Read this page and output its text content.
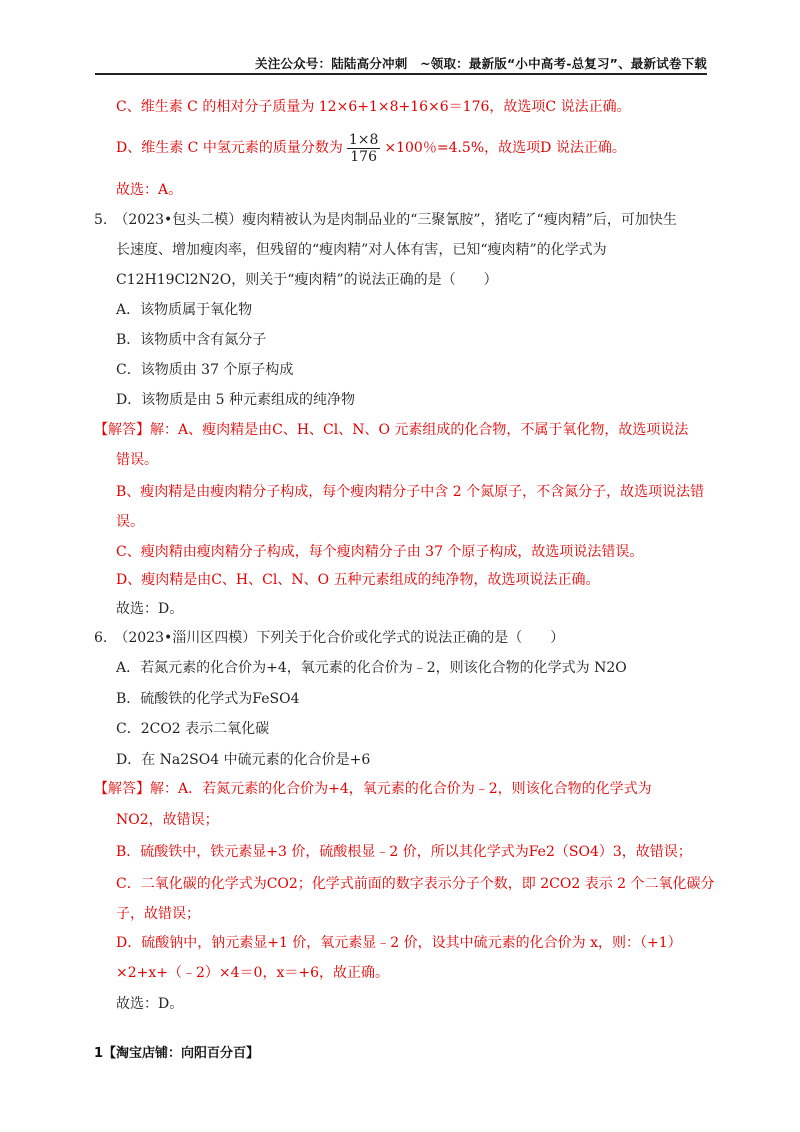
关注公众号：陆陆高分冲刺　~领取：最新版“小中高考-总复习”、最新试卷下载
C、维生素 C 的相对分子质量为 12×6+1×8+16×6＝176，故选项C 说法正确。
D、维生素 C 中氢元素的质量分数为 $\frac{1\times 8}{176} \times 100$％=4.5%，故选项D 说法正确。
故选：A。
5.　（2023•包头二模）瘦肉精被认为是肉制品业的“三聚氰胺”，猪吃了“瘦肉精”后，可加快生
长速度、增加瘦肉率，但残留的“瘦肉精”对人体有害，已知“瘦肉精”的化学式为
C12H19Cl2N2O，则关于“瘦肉精”的说法正确的是（　　）
A．该物质属于氧化物
B．该物质中含有氮分子
C．该物质由 37 个原子构成
D．该物质是由 5 种元素组成的纯净物
【解答】解：A、瘦肉精是由C、H、Cl、N、O 元素组成的化合物，不属于氧化物，故选项说法
错误。
B、瘦肉精是由瘦肉精分子构成，每个瘦肉精分子中含 2 个氮原子，不含氮分子，故选项说法错
误。
C、瘦肉精由瘦肉精分子构成，每个瘦肉精分子由 37 个原子构成，故选项说法错误。
D、瘦肉精是由C、H、Cl、N、O 五种元素组成的纯净物，故选项说法正确。
故选：D。
6.　（2023•淄川区四模）下列关于化合价或化学式的说法正确的是（　　）
A．若氮元素的化合价为+4，氧元素的化合价为﹣2，则该化合物的化学式为 N2O
B．硫酸铁的化学式为FeSO4
C．2CO2 表示二氧化碳
D．在 Na2SO4 中硫元素的化合价是+6
【解答】解：A．若氮元素的化合价为+4，氧元素的化合价为﹣2，则该化合物的化学式为
NO2，故错误；
B．硫酸铁中，铁元素显+3 价，硫酸根显﹣2 价，所以其化学式为Fe2（SO4）3，故错误；
C．二氧化碳的化学式为CO2；化学式前面的数字表示分子个数，即 2CO2 表示 2 个二氧化碳分
子，故错误；
D．硫酸钠中，钠元素显+1 价，氧元素显﹣2 价，设其中硫元素的化合价为 x，则：（+1）
×2+x+（﹣2）×4＝0，x＝+6，故正确。
故选：D。
1【淘宝店铺：向阳百分百】
